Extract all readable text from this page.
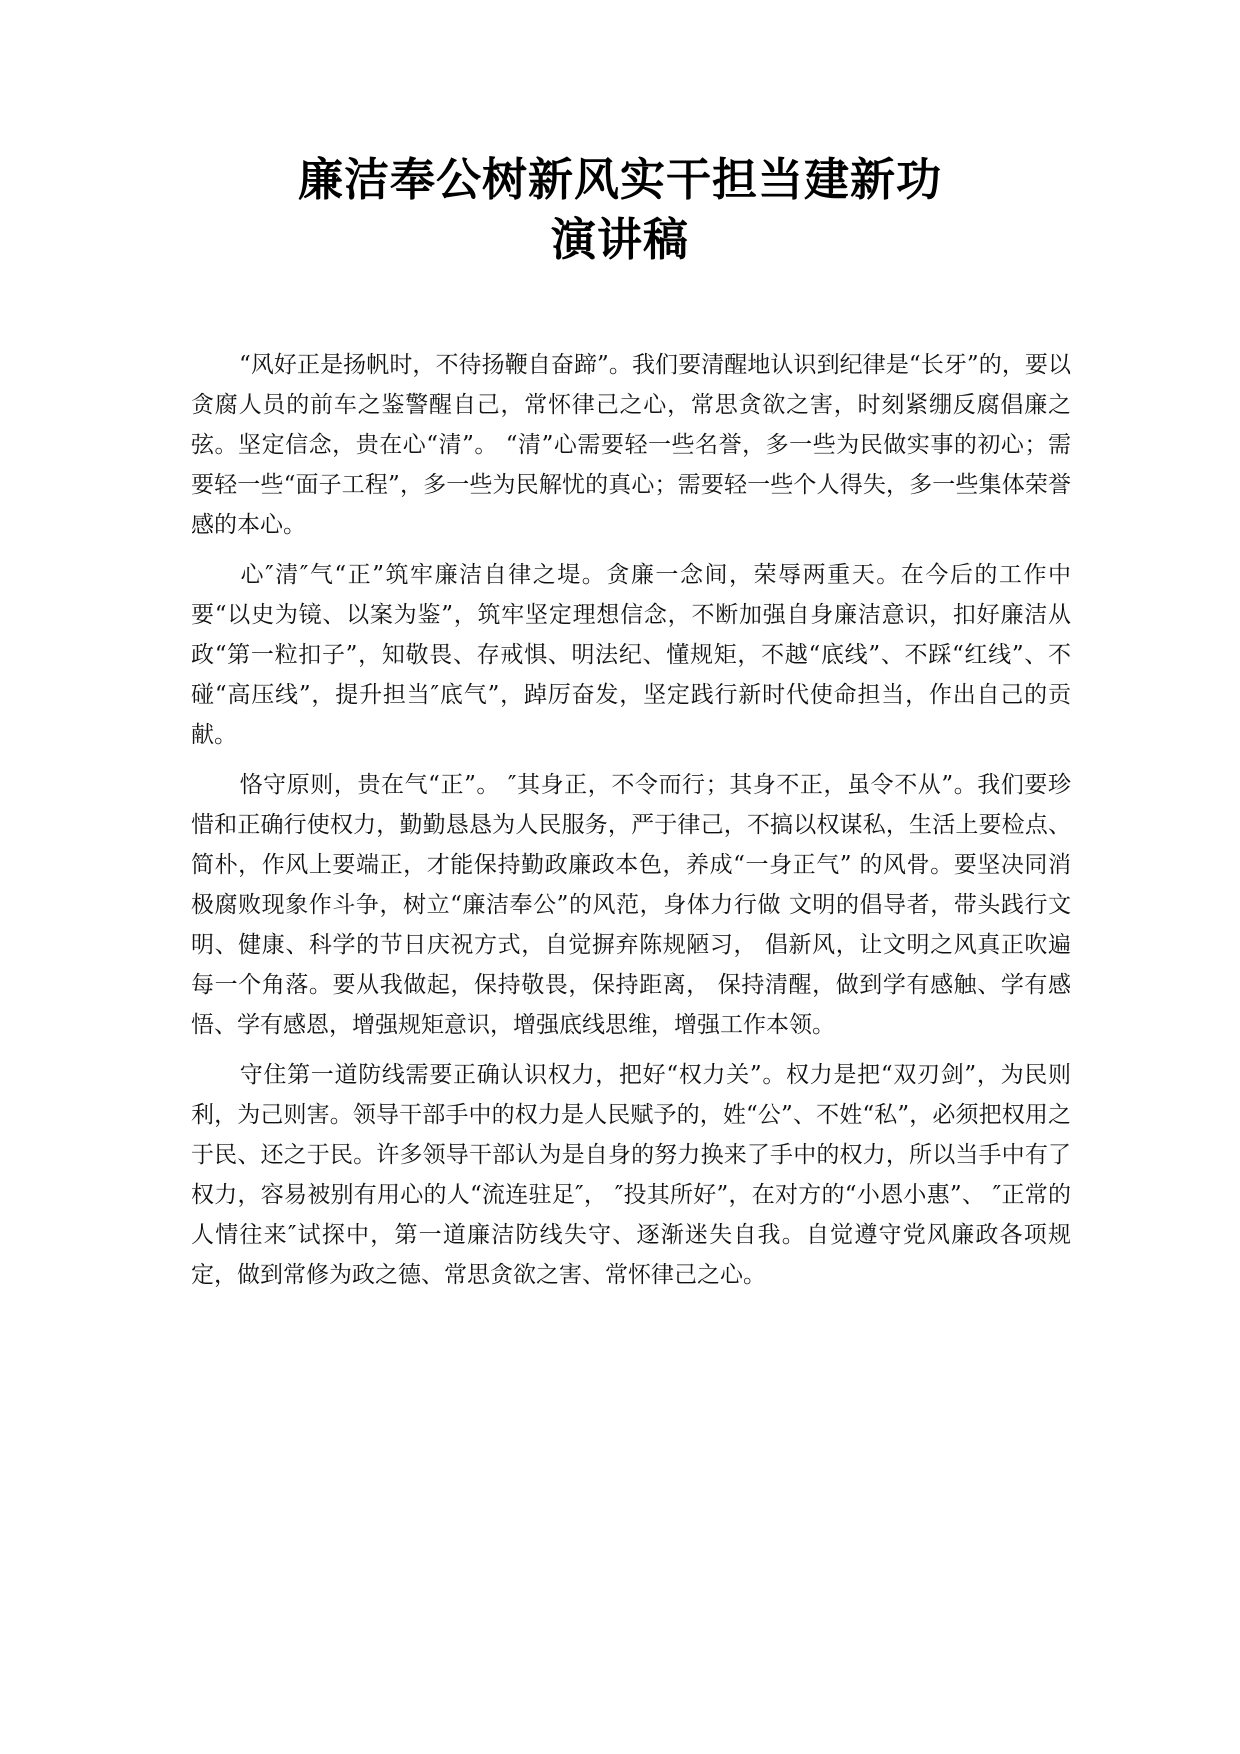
廉洁奉公树新风实干担当建新功
演讲稿

“风好正是扬帆时，不待扬鞭自奋蹄”。我们要清醒地认识到纪律是“长牙”的，要以贪腐人员的前车之鉴警醒自己，常怀律己之心，常思贪欲之害，时刻紧绷反腐倡廉之弦。坚定信念，贵在心“清”。 “清”心需要轻一些名誉，多一些为民做实事的初心；需要轻一些“面子工程”，多一些为民解忧的真心；需要轻一些个人得失，多一些集体荣誉感的本心。

心″清″气“正”筑牢廉洁自律之堤。贪廉一念间，荣辱两重天。在今后的工作中要“以史为镜、以案为鉴”，筑牢坚定理想信念，不断加强自身廉洁意识，扣好廉洁从政“第一粒扣子”，知敬畏、存戒惧、明法纪、懂规矩，不越“底线”、不踩“红线”、不碰“高压线”，提升担当″底气”，踔厉奋发，坚定践行新时代使命担当，作出自己的贡献。

恪守原则，贵在气“正”。 ″其身正，不令而行；其身不正，虽令不从”。我们要珍惜和正确行使权力，勤勤恳恳为人民服务，严于律己，不搞以权谋私，生活上要检点、简朴，作风上要端正，才能保持勤政廉政本色，养成“一身正气” 的风骨。要坚决同消极腐败现象作斗争，树立“廉洁奉公”的风范，身体力行做 文明的倡导者，带头践行文明、健康、科学的节日庆祝方式，自觉摒弃陈规陋习， 倡新风，让文明之风真正吹遍每一个角落。要从我做起，保持敬畏，保持距离， 保持清醒，做到学有感触、学有感悟、学有感恩，增强规矩意识，增强底线思维，增强工作本领。

守住第一道防线需要正确认识权力，把好“权力关”。权力是把“双刃剑”，为民则利，为己则害。领导干部手中的权力是人民赋予的，姓“公”、不姓“私”，必须把权用之于民、还之于民。许多领导干部认为是自身的努力换来了手中的权力，所以当手中有了权力，容易被别有用心的人“流连驻足″， ″投其所好”，在对方的“小恩小惠”、 ″正常的人情往来″试探中，第一道廉洁防线失守、逐渐迷失自我。自觉遵守党风廉政各项规定，做到常修为政之德、常思贪欲之害、常怀律己之心。
